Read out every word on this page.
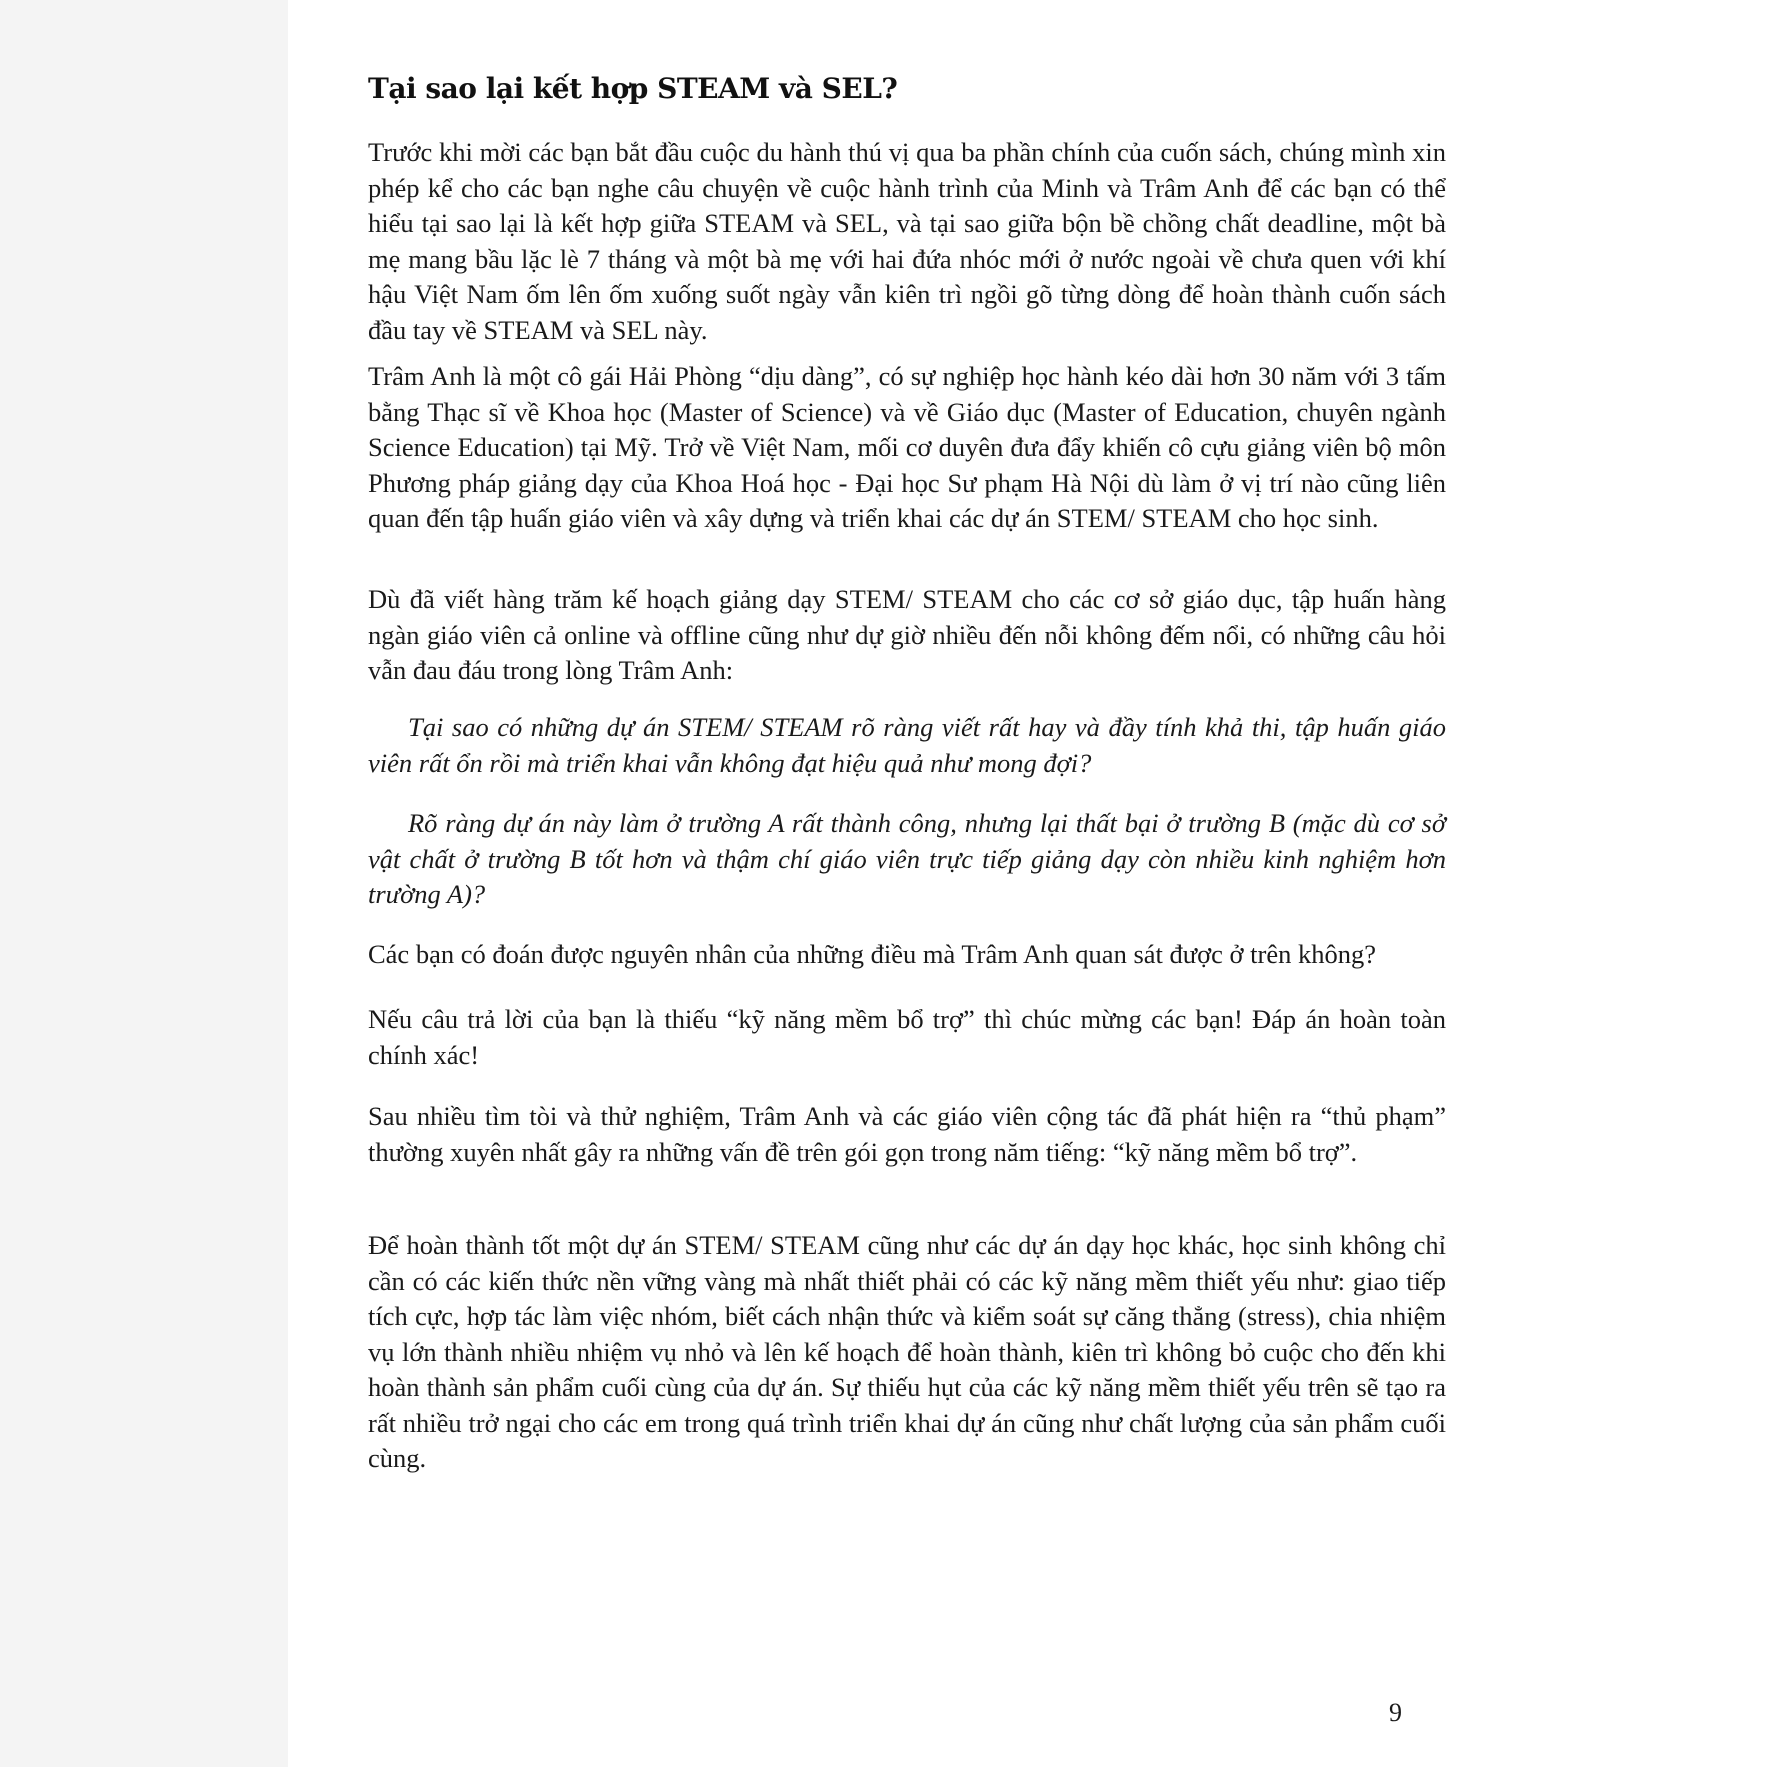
Tại sao lại kết hợp STEAM và SEL?

Trước khi mời các bạn bắt đầu cuộc du hành thú vị qua ba phần chính của cuốn sách, chúng mình xin phép kể cho các bạn nghe câu chuyện về cuộc hành trình của Minh và Trâm Anh để các bạn có thể hiểu tại sao lại là kết hợp giữa STEAM và SEL, và tại sao giữa bộn bề chồng chất deadline, một bà mẹ mang bầu lặc lè 7 tháng và một bà mẹ với hai đứa nhóc mới ở nước ngoài về chưa quen với khí hậu Việt Nam ốm lên ốm xuống suốt ngày vẫn kiên trì ngồi gõ từng dòng để hoàn thành cuốn sách đầu tay về STEAM và SEL này.

Trâm Anh là một cô gái Hải Phòng “dịu dàng”, có sự nghiệp học hành kéo dài hơn 30 năm với 3 tấm bằng Thạc sĩ về Khoa học (Master of Science) và về Giáo dục (Master of Education, chuyên ngành Science Education) tại Mỹ. Trở về Việt Nam, mối cơ duyên đưa đẩy khiến cô cựu giảng viên bộ môn Phương pháp giảng dạy của Khoa Hoá học - Đại học Sư phạm Hà Nội dù làm ở vị trí nào cũng liên quan đến tập huấn giáo viên và xây dựng và triển khai các dự án STEM/ STEAM cho học sinh.

Dù đã viết hàng trăm kế hoạch giảng dạy STEM/ STEAM cho các cơ sở giáo dục, tập huấn hàng ngàn giáo viên cả online và offline cũng như dự giờ nhiều đến nỗi không đếm nổi, có những câu hỏi vẫn đau đáu trong lòng Trâm Anh:

Tại sao có những dự án STEM/ STEAM rõ ràng viết rất hay và đầy tính khả thi, tập huấn giáo viên rất ổn rồi mà triển khai vẫn không đạt hiệu quả như mong đợi?

Rõ ràng dự án này làm ở trường A rất thành công, nhưng lại thất bại ở trường B (mặc dù cơ sở vật chất ở trường B tốt hơn và thậm chí giáo viên trực tiếp giảng dạy còn nhiều kinh nghiệm hơn trường A)?

Các bạn có đoán được nguyên nhân của những điều mà Trâm Anh quan sát được ở trên không?

Nếu câu trả lời của bạn là thiếu “kỹ năng mềm bổ trợ” thì chúc mừng các bạn! Đáp án hoàn toàn chính xác!

Sau nhiều tìm tòi và thử nghiệm, Trâm Anh và các giáo viên cộng tác đã phát hiện ra “thủ phạm” thường xuyên nhất gây ra những vấn đề trên gói gọn trong năm tiếng: “kỹ năng mềm bổ trợ”.

Để hoàn thành tốt một dự án STEM/ STEAM cũng như các dự án dạy học khác, học sinh không chỉ cần có các kiến thức nền vững vàng mà nhất thiết phải có các kỹ năng mềm thiết yếu như: giao tiếp tích cực, hợp tác làm việc nhóm, biết cách nhận thức và kiểm soát sự căng thẳng (stress), chia nhiệm vụ lớn thành nhiều nhiệm vụ nhỏ và lên kế hoạch để hoàn thành, kiên trì không bỏ cuộc cho đến khi hoàn thành sản phẩm cuối cùng của dự án. Sự thiếu hụt của các kỹ năng mềm thiết yếu trên sẽ tạo ra rất nhiều trở ngại cho các em trong quá trình triển khai dự án cũng như chất lượng của sản phẩm cuối cùng.

9
